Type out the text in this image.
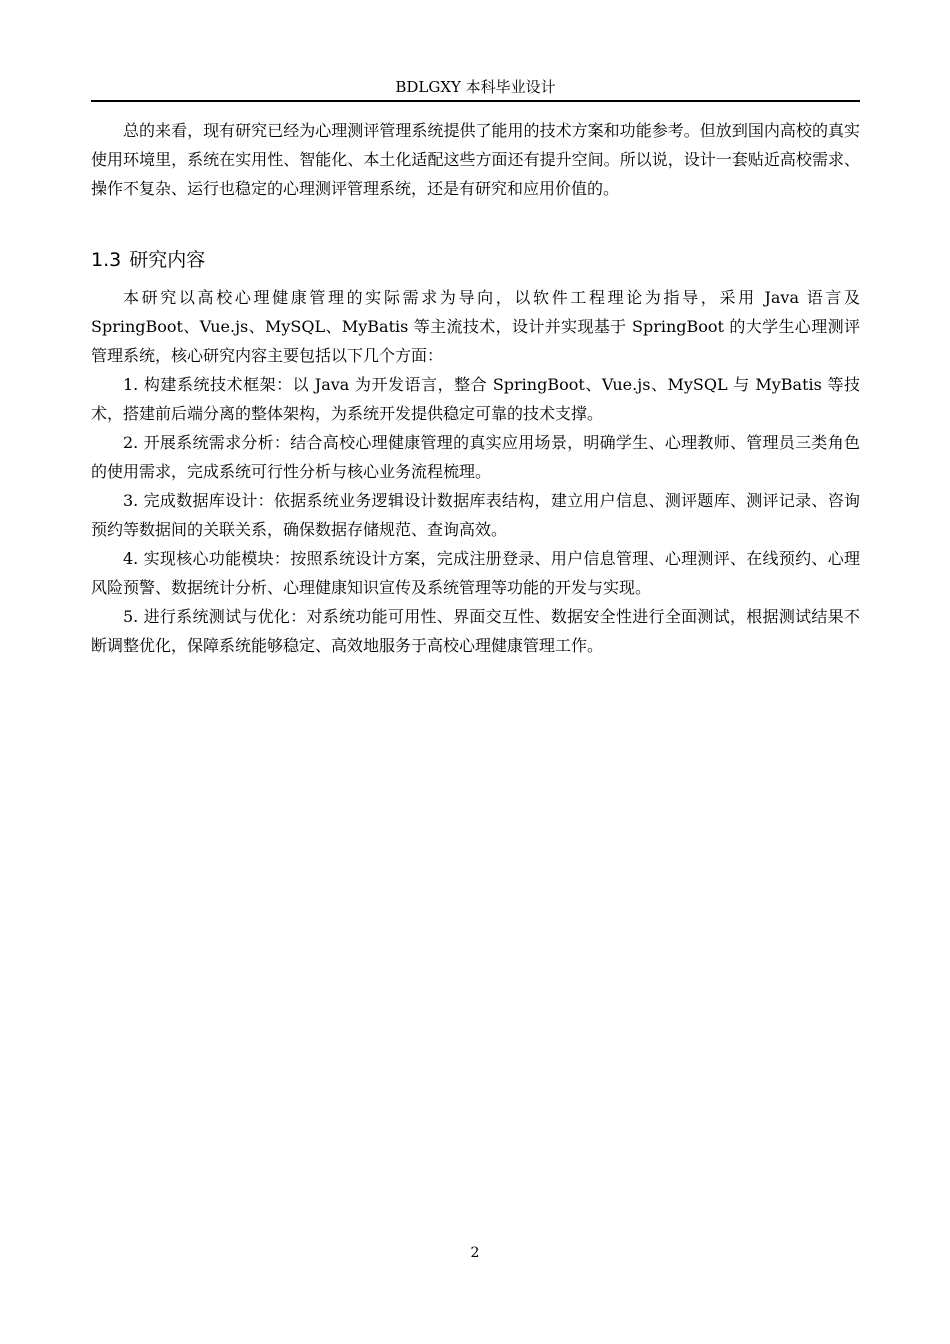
BDLGXY 本科毕业设计

总的来看，现有研究已经为心理测评管理系统提供了能用的技术方案和功能参考。但放到国内高校的真实使用环境里，系统在实用性、智能化、本土化适配这些方面还有提升空间。所以说，设计一套贴近高校需求、操作不复杂、运行也稳定的心理测评管理系统，还是有研究和应用价值的。

1.3 研究内容

本研究以高校心理健康管理的实际需求为导向，以软件工程理论为指导，采用 Java 语言及 SpringBoot、Vue.js、MySQL、MyBatis 等主流技术，设计并实现基于 SpringBoot 的大学生心理测评管理系统，核心研究内容主要包括以下几个方面：

1. 构建系统技术框架：以 Java 为开发语言，整合 SpringBoot、Vue.js、MySQL 与 MyBatis 等技术，搭建前后端分离的整体架构，为系统开发提供稳定可靠的技术支撑。

2. 开展系统需求分析：结合高校心理健康管理的真实应用场景，明确学生、心理教师、管理员三类角色的使用需求，完成系统可行性分析与核心业务流程梳理。

3. 完成数据库设计：依据系统业务逻辑设计数据库表结构，建立用户信息、测评题库、测评记录、咨询预约等数据间的关联关系，确保数据存储规范、查询高效。

4. 实现核心功能模块：按照系统设计方案，完成注册登录、用户信息管理、心理测评、在线预约、心理风险预警、数据统计分析、心理健康知识宣传及系统管理等功能的开发与实现。

5. 进行系统测试与优化：对系统功能可用性、界面交互性、数据安全性进行全面测试，根据测试结果不断调整优化，保障系统能够稳定、高效地服务于高校心理健康管理工作。

2
